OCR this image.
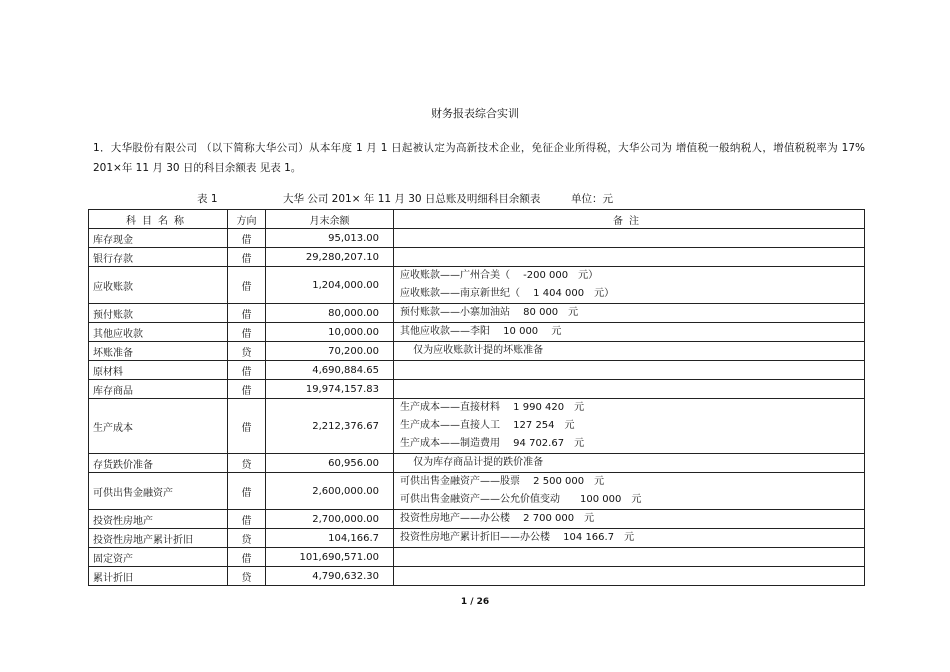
财务报表综合实训
1．大华股份有限公司 （以下简称大华公司）从本年度 1 月 1 日起被认定为高新技术企业，免征企业所得税，大华公司为 增值税一般纳税人，增值税税率为 17% 201×年 11 月 30 日的科目余额表 见表 1。
表 1	大华 公司 201× 年 11 月 30 日总账及明细科目余额表	单位：元
科目名称	方向	月末余额	备注
库存现金	借	95,013.00	
银行存款	借	29,280,207.10	
应收账款	借	1,204,000.00	应收账款——广州合美（　 -200 000　元）
应收账款——南京新世纪（　 1 404 000　元）

预付账款	借	80,000.00	预付账款——小寨加油站　 80 000　元

其他应收款	借	10,000.00	其他应收款——李阳　 10 000　 元

坏账准备	贷	70,200.00	　 仅为应收账款计提的坏账准备

原材料	借	4,690,884.65	
库存商品	借	19,974,157.83	
生产成本	借	2,212,376.67	生产成本——直接材料　 1 990 420　元
生产成本——直接人工　 127 254　元
生产成本——制造费用　 94 702.67　元

存货跌价准备	贷	60,956.00	　 仅为库存商品计提的跌价准备

可供出售金融资产	借	2,600,000.00	可供出售金融资产——股票　 2 500 000　元
可供出售金融资产——公允价值变动　　100 000　元

投资性房地产	借	2,700,000.00	投资性房地产——办公楼　 2 700 000　元

投资性房地产累计折旧	贷	104,166.7	投资性房地产累计折旧——办公楼　 104 166.7　元

固定资产	借	101,690,571.00	
累计折旧	贷	4,790,632.30	
1 / 26
